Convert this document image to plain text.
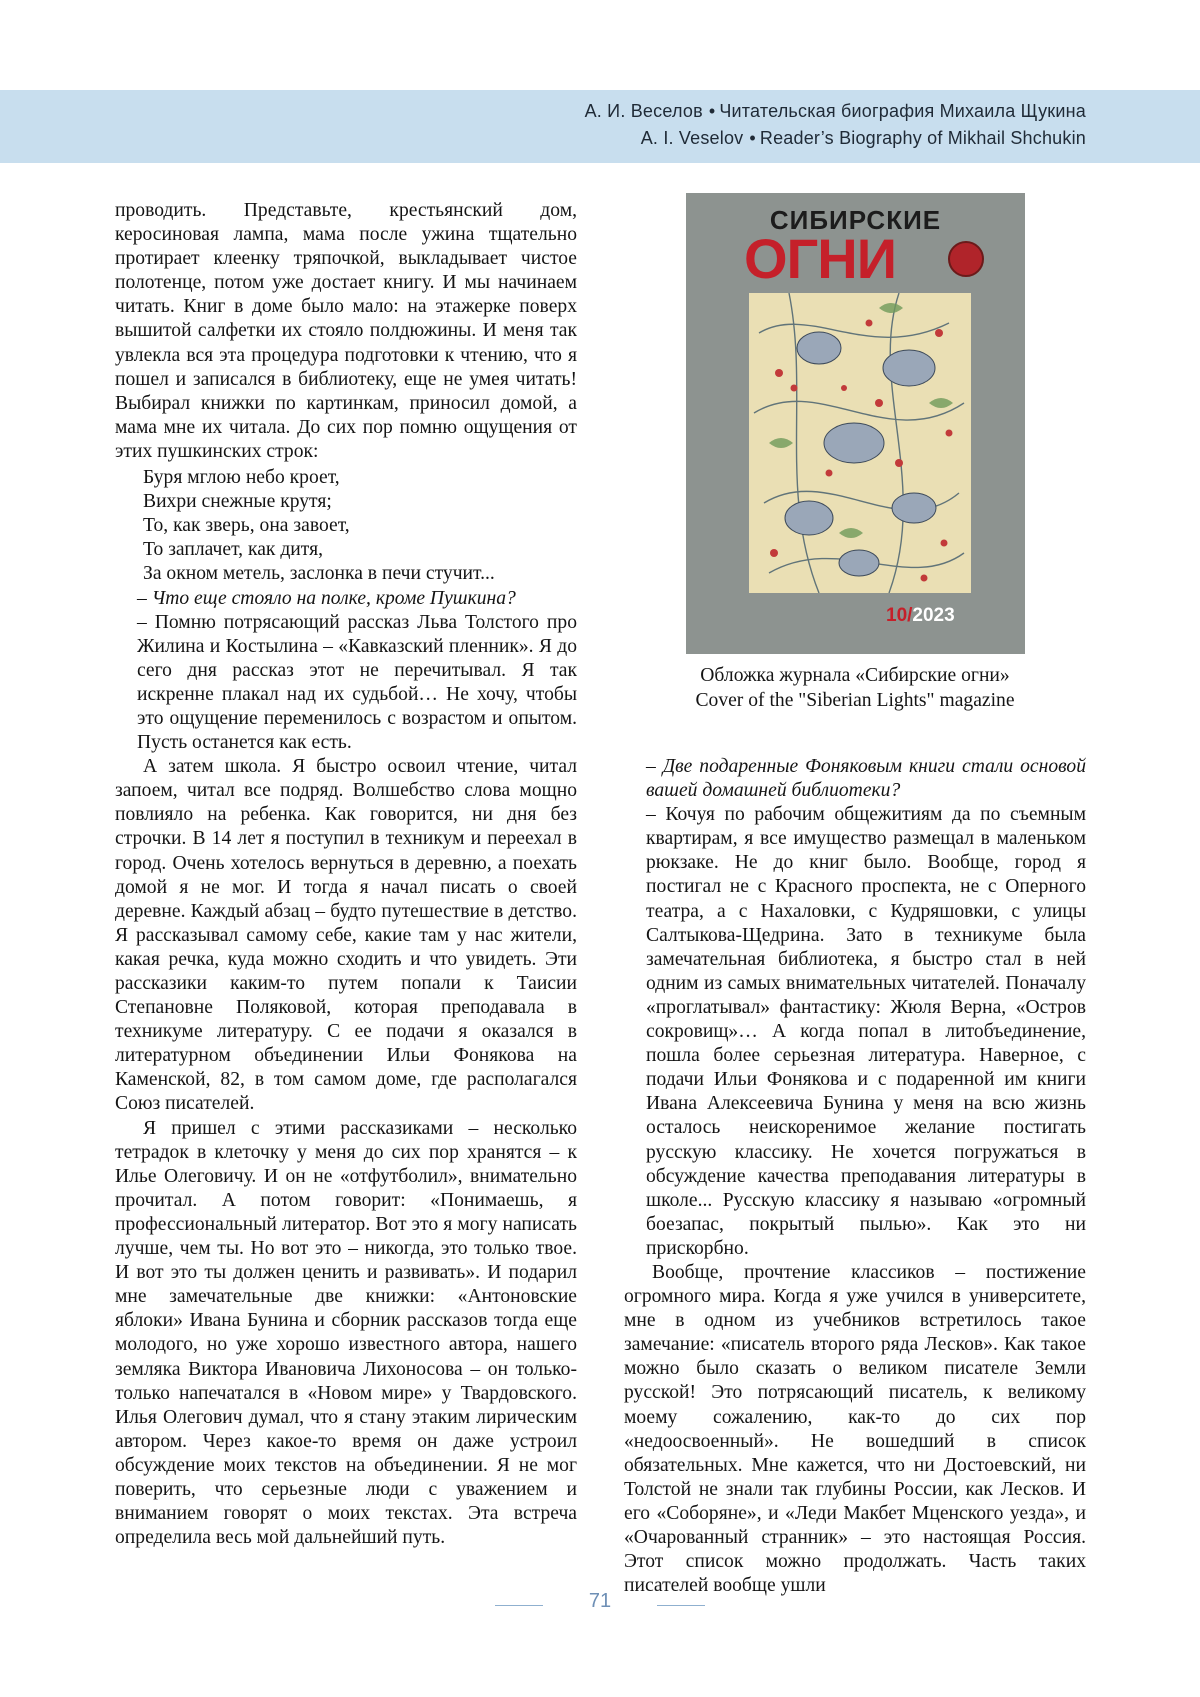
А. И. Веселов • Читательская биография Михаила Щукина
A. I. Veselov • Reader’s Biography of Mikhail Shchukin

проводить. Представьте, крестьянский дом, керосиновая лампа, мама после ужина тщательно протирает клеенку тряпочкой, выкладывает чистое полотенце, потом уже достает книгу. И мы начинаем читать. Книг в доме было мало: на этажерке поверх вышитой салфетки их стояло полдюжины. И меня так увлекла вся эта процедура подготовки к чтению, что я пошел и записался в библиотеку, еще не умея читать! Выбирал книжки по картинкам, приносил домой, а мама мне их читала. До сих пор помню ощущения от этих пушкинских строк:

Буря мглою небо кроет,
Вихри снежные крутя;
То, как зверь, она завоет,
То заплачет, как дитя,
За окном метель, заслонка в печи стучит...

– Что еще стояло на полке, кроме Пушкина?

– Помню потрясающий рассказ Льва Толстого про Жилина и Костылина – «Кавказский пленник». Я до сего дня рассказ этот не перечитывал. Я так искренне плакал над их судьбой… Не хочу, чтобы это ощущение переменилось с возрастом и опытом. Пусть останется как есть.

А затем школа. Я быстро освоил чтение, читал запоем, читал все подряд. Волшебство слова мощно повлияло на ребенка. Как говорится, ни дня без строчки. В 14 лет я поступил в техникум и переехал в город. Очень хотелось вернуться в деревню, а поехать домой я не мог. И тогда я начал писать о своей деревне. Каждый абзац – будто путешествие в детство. Я рассказывал самому себе, какие там у нас жители, какая речка, куда можно сходить и что увидеть. Эти рассказики каким-то путем попали к Таисии Степановне Поляковой, которая преподавала в техникуме литературу. С ее подачи я оказался в литературном объединении Ильи Фонякова на Каменской, 82, в том самом доме, где располагался Союз писателей.

Я пришел с этими рассказиками – несколько тетрадок в клеточку у меня до сих пор хранятся – к Илье Олеговичу. И он не «отфутболил», внимательно прочитал. А потом говорит: «Понимаешь, я профессиональный литератор. Вот это я могу написать лучше, чем ты. Но вот это – никогда, это только твое. И вот это ты должен ценить и развивать». И подарил мне замечательные две книжки: «Антоновские яблоки» Ивана Бунина и сборник рассказов тогда еще молодого, но уже хорошо известного автора, нашего земляка Виктора Ивановича Лихоносова – он только-только напечатался в «Новом мире» у Твардовского. Илья Олегович думал, что я стану этаким лирическим автором. Через какое-то время он даже устроил обсуждение моих текстов на объединении. Я не мог поверить, что серьезные люди с уважением и вниманием говорят о моих текстах. Эта встреча определила весь мой дальнейший путь.

СИБИРСКИЕ
ОГНИ
10/2023
Обложка журнала «Сибирские огни»
Cover of the "Siberian Lights" magazine

– Две подаренные Фоняковым книги стали основой вашей домашней библиотеки?

– Кочуя по рабочим общежитиям да по съемным квартирам, я все имущество размещал в маленьком рюкзаке. Не до книг было. Вообще, город я постигал не с Красного проспекта, не с Оперного театра, а с Нахаловки, с Кудряшовки, с улицы Салтыкова-Щедрина. Зато в техникуме была замечательная библиотека, я быстро стал в ней одним из самых внимательных читателей. Поначалу «проглатывал» фантастику: Жюля Верна, «Остров сокровищ»… А когда попал в литобъединение, пошла более серьезная литература. Наверное, с подачи Ильи Фонякова и с подаренной им книги Ивана Алексеевича Бунина у меня на всю жизнь осталось неискоренимое желание постигать русскую классику. Не хочется погружаться в обсуждение качества преподавания литературы в школе... Русскую классику я называю «огромный боезапас, покрытый пылью». Как это ни прискорбно.

Вообще, прочтение классиков – постижение огромного мира. Когда я уже учился в университете, мне в одном из учебников встретилось такое замечание: «писатель второго ряда Лесков». Как такое можно было сказать о великом писателе Земли русской! Это потрясающий писатель, к великому моему сожалению, как-то до сих пор «недоосвоенный». Не вошедший в список обязательных. Мне кажется, что ни Достоевский, ни Толстой не знали так глубины России, как Лесков. И его «Соборяне», и «Леди Макбет Мценского уезда», и «Очарованный странник» – это настоящая Россия. Этот список можно продолжать. Часть таких писателей вообще ушли

71
